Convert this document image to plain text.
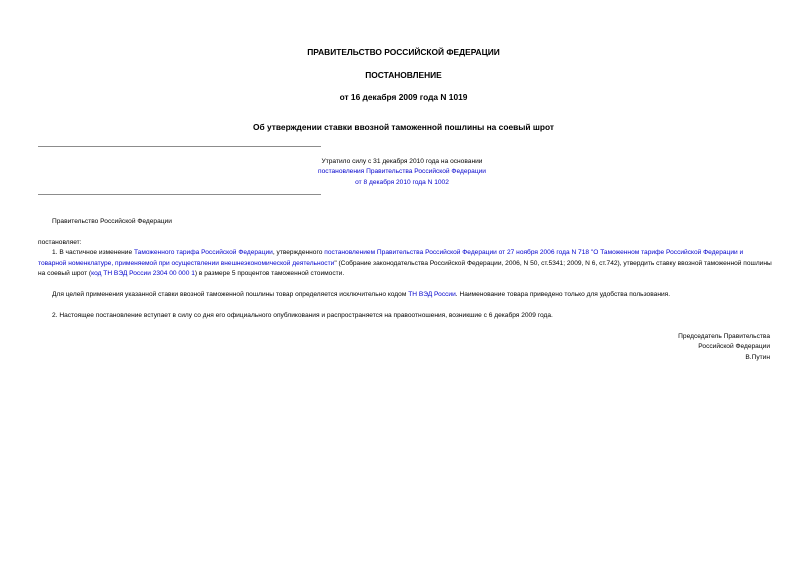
ПРАВИТЕЛЬСТВО РОССИЙСКОЙ ФЕДЕРАЦИИ
ПОСТАНОВЛЕНИЕ
от 16 декабря 2009 года N 1019
Об утверждении ставки ввозной таможенной пошлины на соевый шрот
Утратило силу с 31 декабря 2010 года на основании
постановления Правительства Российской Федерации
от 8 декабря 2010 года N 1002
Правительство Российской Федерации
постановляет:
1. В частичное изменение Таможенного тарифа Российской Федерации, утвержденного постановлением Правительства Российской Федерации от 27 ноября 2006 года N 718 "О Таможенном тарифе Российской Федерации и товарной номенклатуре, применяемой при осуществлении внешнеэкономической деятельности" (Собрание законодательства Российской Федерации, 2006, N 50, ст.5341; 2009, N 6, ст.742), утвердить ставку ввозной таможенной пошлины на соевый шрот (код ТН ВЭД России 2304 00 000 1) в размере 5 процентов таможенной стоимости.
Для целей применения указанной ставки ввозной таможенной пошлины товар определяется исключительно кодом ТН ВЭД России. Наименование товара приведено только для удобства пользования.
2. Настоящее постановление вступает в силу со дня его официального опубликования и распространяется на правоотношения, возникшие с 6 декабря 2009 года.
Председатель Правительства
Российской Федерации
В.Путин
